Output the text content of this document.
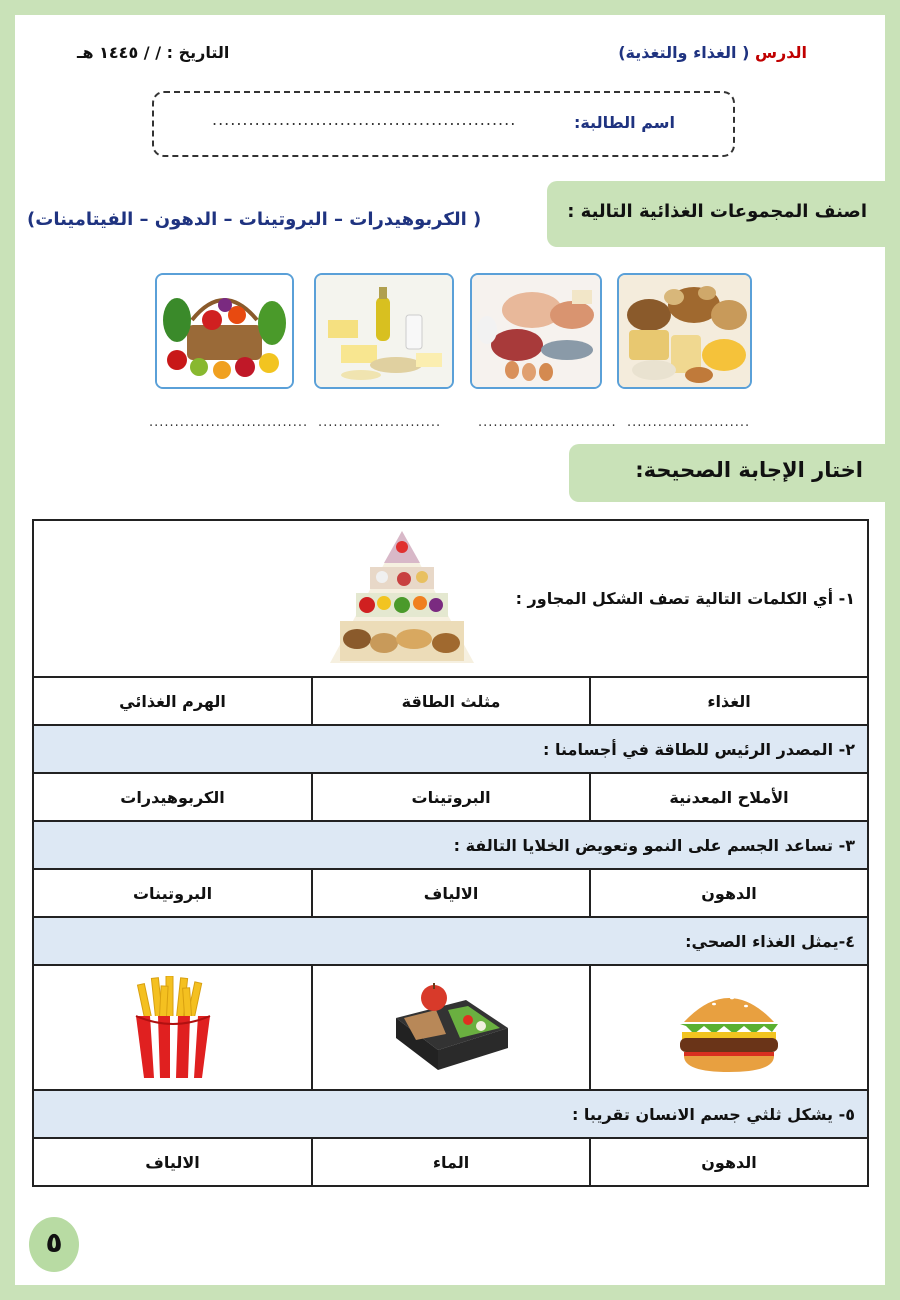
الدرس ( الغذاء والتغذية)
التاريخ : / / ١٤٤٥ هـ
اسم الطالبة:
..................................................
اصنف المجموعات الغذائية التالية :
( الكربوهيدرات – البروتينات – الدهون – الفيتامينات)
........................
...........................
........................
...............................
اختار الإجابة الصحيحة:
١- أي الكلمات التالية تصف الشكل المجاور :		

الغذاء	مثلث الطاقة	الهرم الغذائي
٢- المصدر الرئيس للطاقة في أجسامنا :		
الأملاح المعدنية	البروتينات	الكربوهيدرات
٣- تساعد الجسم على النمو وتعويض الخلايا التالفة :		
الدهون	الالياف	البروتينات
٤-يمثل الغذاء الصحي:		

٥- يشكل ثلثي جسم الانسان تقريبا :		
الدهون	الماء	الالياف
٥
